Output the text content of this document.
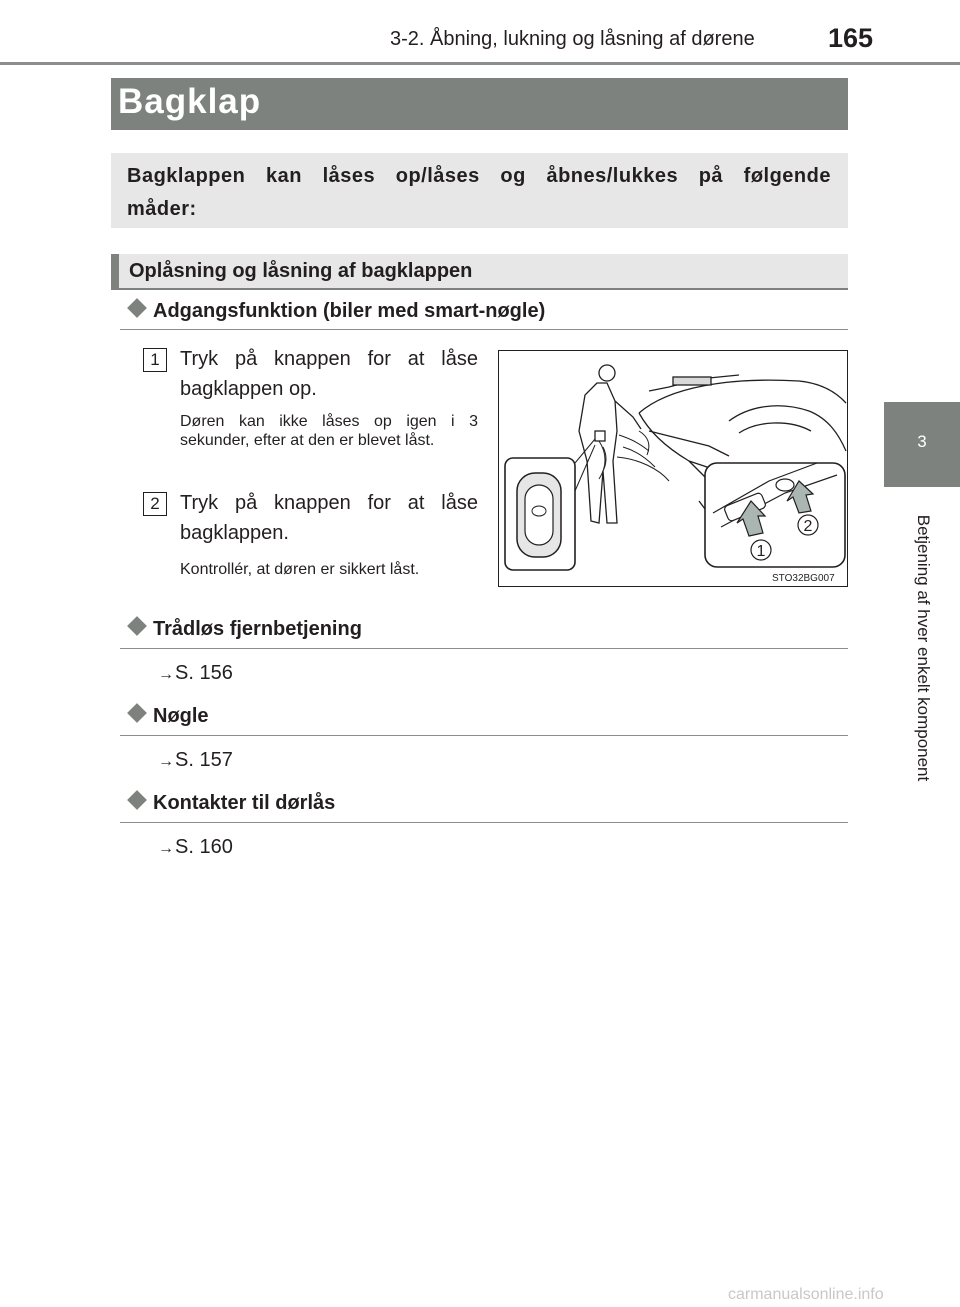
3-2. Åbning, lukning og låsning af dørene	165
3
Betjening af hver enkelt komponent
Bagklap
Bagklappen kan låses op/låses og åbnes/lukkes på følgende måder:
Oplåsning og låsning af bagklappen
Adgangsfunktion (biler med smart-nøgle)
1	Tryk på knappen for at låse bagklappen op.
Døren kan ikke låses op igen i 3 sekunder, efter at den er blevet låst.
2	Tryk på knappen for at låse bagklappen.
Kontrollér, at døren er sikkert låst.
1
2
STO32BG007
Trådløs fjernbetjening
→S. 156
Nøgle
→S. 157
Kontakter til dørlås
→S. 160
carmanualsonline.info
